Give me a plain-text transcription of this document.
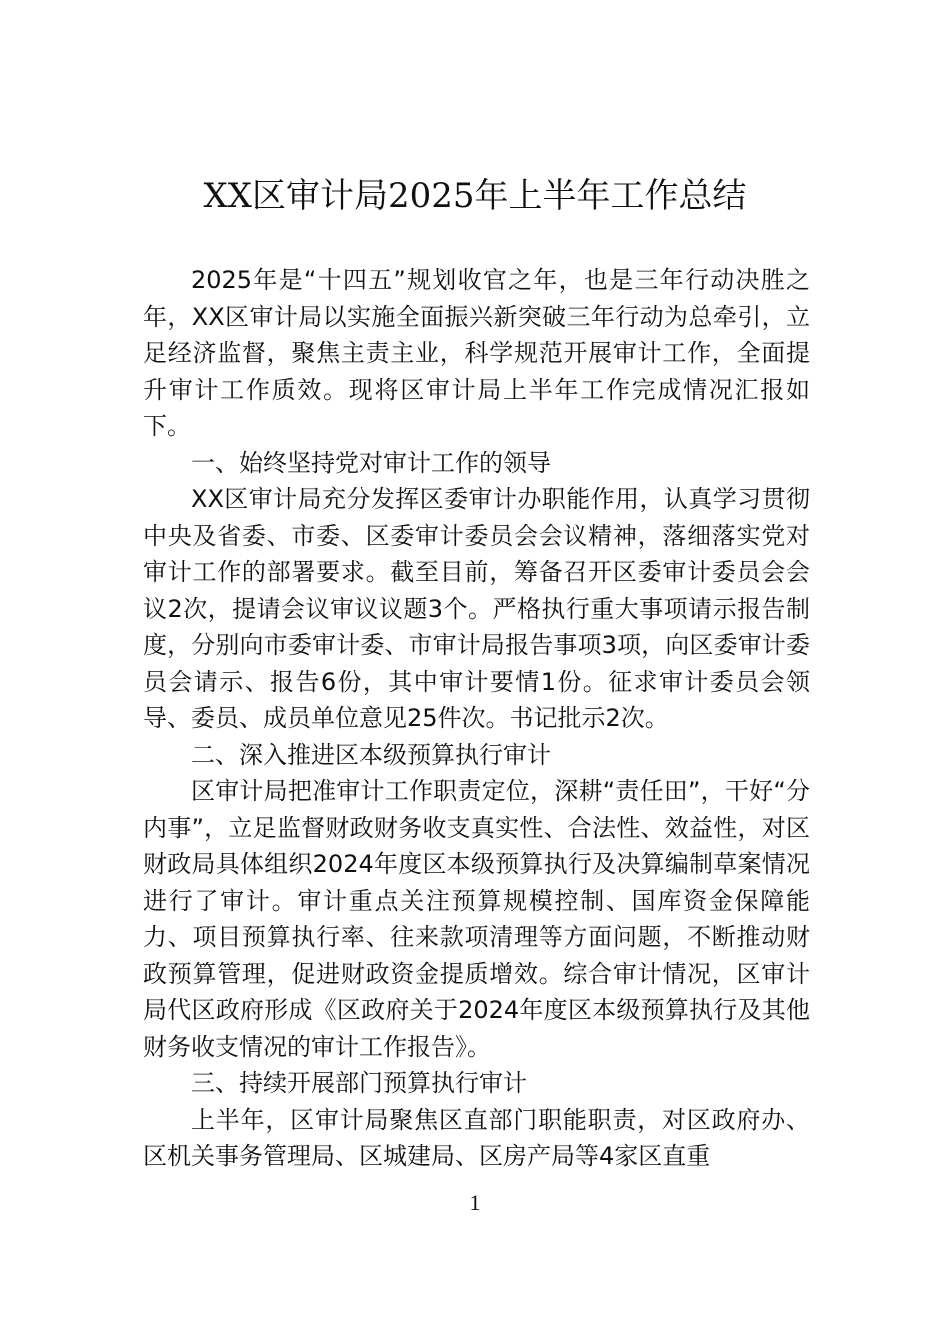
XX区审计局2025年上半年工作总结

2025年是“十四五”规划收官之年，也是三年行动决胜之年，XX区审计局以实施全面振兴新突破三年行动为总牵引，立足经济监督，聚焦主责主业，科学规范开展审计工作，全面提升审计工作质效。现将区审计局上半年工作完成情况汇报如下。

一、始终坚持党对审计工作的领导

XX区审计局充分发挥区委审计办职能作用，认真学习贯彻中央及省委、市委、区委审计委员会会议精神，落细落实党对审计工作的部署要求。截至目前，筹备召开区委审计委员会会议2次，提请会议审议议题3个。严格执行重大事项请示报告制度，分别向市委审计委、市审计局报告事项3项，向区委审计委员会请示、报告6份，其中审计要情1份。征求审计委员会领导、委员、成员单位意见25件次。书记批示2次。

二、深入推进区本级预算执行审计

区审计局把准审计工作职责定位，深耕“责任田”，干好“分内事”，立足监督财政财务收支真实性、合法性、效益性，对区财政局具体组织2024年度区本级预算执行及决算编制草案情况进行了审计。审计重点关注预算规模控制、国库资金保障能力、项目预算执行率、往来款项清理等方面问题，不断推动财政预算管理，促进财政资金提质增效。综合审计情况，区审计局代区政府形成《区政府关于2024年度区本级预算执行及其他财务收支情况的审计工作报告》。

三、持续开展部门预算执行审计

上半年，区审计局聚焦区直部门职能职责，对区政府办、区机关事务管理局、区城建局、区房产局等4家区直重

1
